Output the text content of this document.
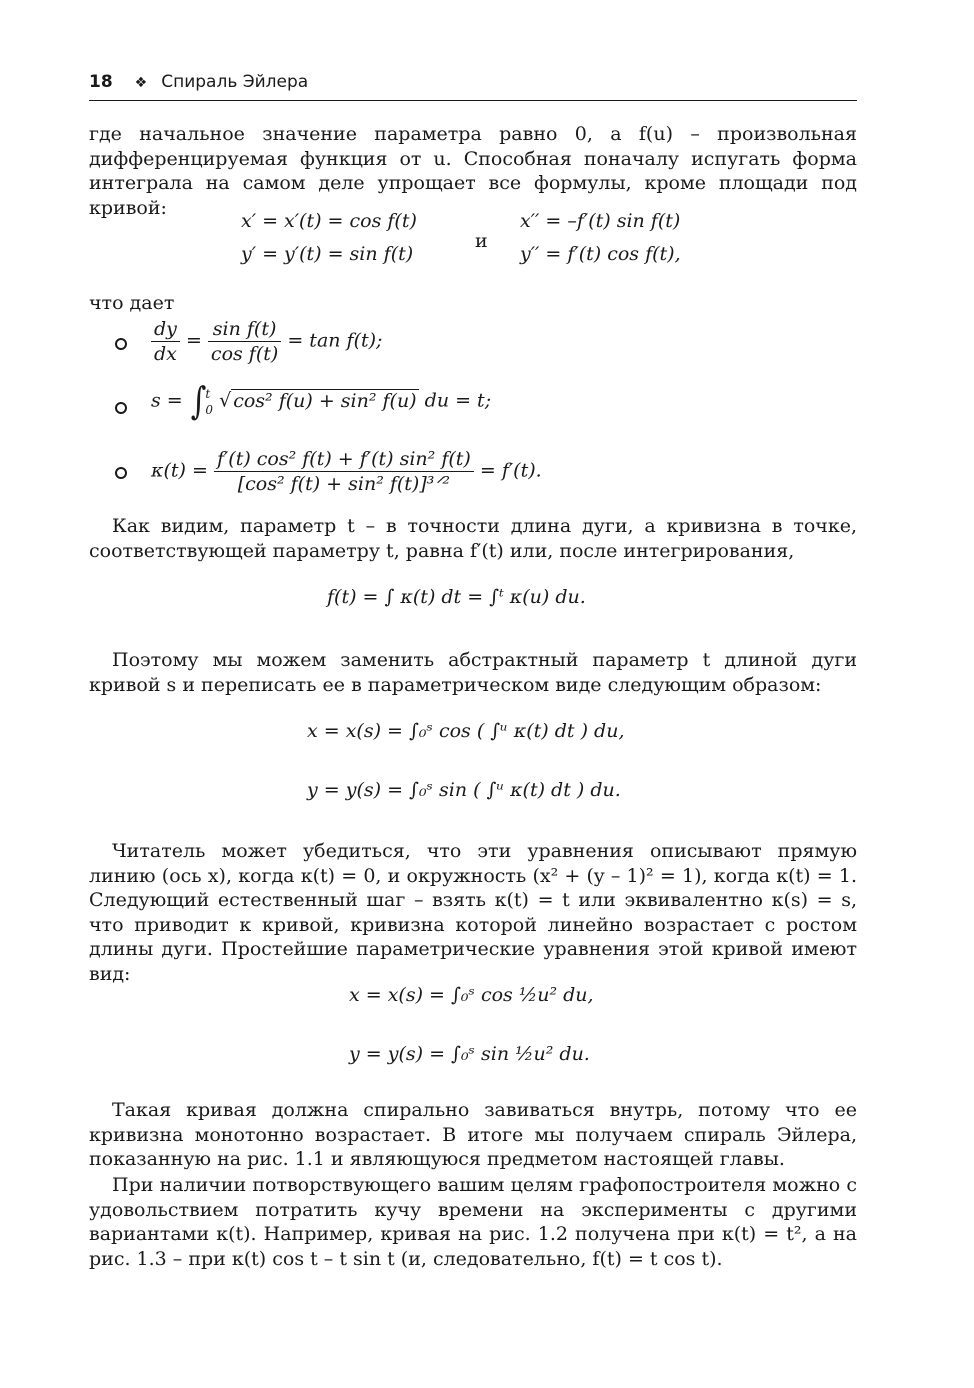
18 ❖ Спираль Эйлера

где начальное значение параметра равно 0, а f(u) – произвольная дифференцируемая функция от u. Способная поначалу испугать форма интеграла на самом деле упрощает все формулы, кроме площади под кривой:

x′ = x′(t) = cos f(t)
y′ = y′(t) = sin f(t)
и
x′′ = –f′(t) sin f(t)
y′′ = f′(t) cos f(t),

что дает

$\frac{dy}{dx} = \frac{\text{sin f(t)}}{\text{cos f(t)}} = \tan f(t)$;
s = ∫ t
0 √ cos² f(u) + sin² f(u) du = t;
$\kappa(t) = \frac{\text{f′(t) cos² f(t) + f′(t) sin² f(t)}}{\text{[cos² f(t) + sin² f(t)]³ᐟ²}} = f'(t)$.

Как видим, параметр t – в точности длина дуги, а кривизна в точке, соответствующей параметру t, равна f′(t) или, после интегрирования,

f(t) = ∫ κ(t) dt = ∫ᵗ κ(u) du.

Поэтому мы можем заменить абстрактный параметр t длиной дуги кривой s и переписать ее в параметрическом виде следующим образом:

x = x(s) = ∫₀ˢ cos ( ∫ᵘ κ(t) dt ) du,
y = y(s) = ∫₀ˢ sin ( ∫ᵘ κ(t) dt ) du.

Читатель может убедиться, что эти уравнения описывают прямую линию (ось x), когда κ(t) = 0, и окружность (x² + (y – 1)² = 1), когда κ(t) = 1. Следующий естественный шаг – взять κ(t) = t или эквивалентно κ(s) = s, что приводит к кривой, кривизна которой линейно возрастает с ростом длины дуги. Простейшие параметрические уравнения этой кривой имеют вид:

x = x(s) = ∫₀ˢ cos ½u² du,
y = y(s) = ∫₀ˢ sin ½u² du.

Такая кривая должна спирально завиваться внутрь, потому что ее кривизна монотонно возрастает. В итоге мы получаем спираль Эйлера, показанную на рис. 1.1 и являющуюся предметом настоящей главы.

При наличии потворствующего вашим целям графопостроителя можно с удовольствием потратить кучу времени на эксперименты с другими вариантами κ(t). Например, кривая на рис. 1.2 получена при κ(t) = t², а на рис. 1.3 – при κ(t) cos t – t sin t (и, следовательно, f(t) = t cos t).
